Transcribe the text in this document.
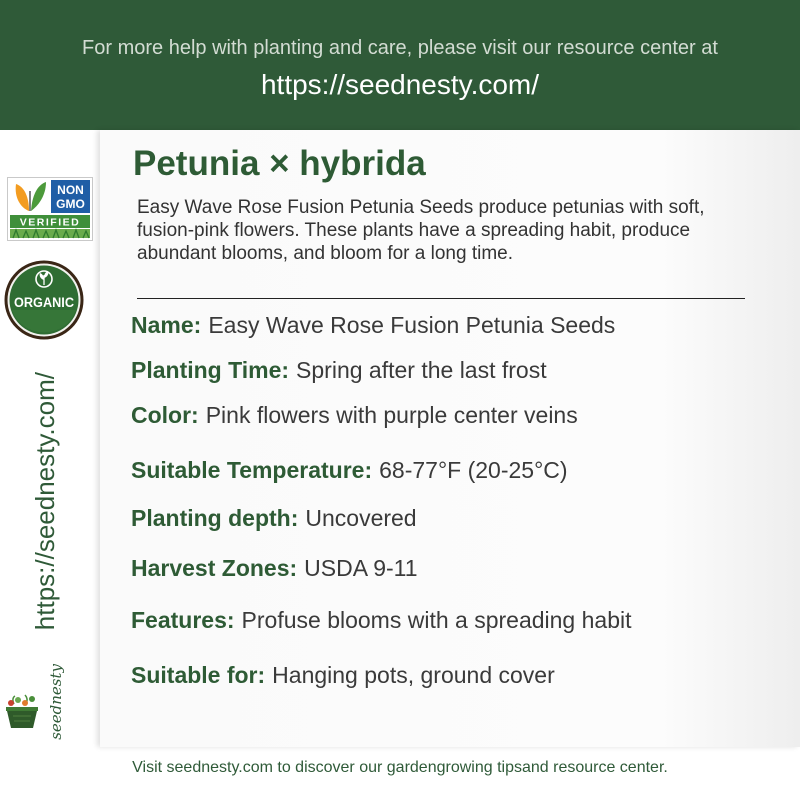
For more help with planting and care, please visit our resource center at
https://seednesty.com/
NON
GMO
VERIFIED
ORGANIC
https://seednesty.com/
seednesty
Petunia × hybrida
Easy Wave Rose Fusion Petunia Seeds produce petunias with soft,
fusion-pink flowers. These plants have a spreading habit, produce
abundant blooms, and bloom for a long time.
Name: Easy Wave Rose Fusion Petunia Seeds
Planting Time: Spring after the last frost
Color: Pink flowers with purple center veins
Suitable Temperature: 68-77°F (20-25°C)
Planting depth: Uncovered
Harvest Zones: USDA 9-11
Features: Profuse blooms with a spreading habit
Suitable for: Hanging pots, ground cover
Visit seednesty.com to discover our gardengrowing tipsand resource center.
